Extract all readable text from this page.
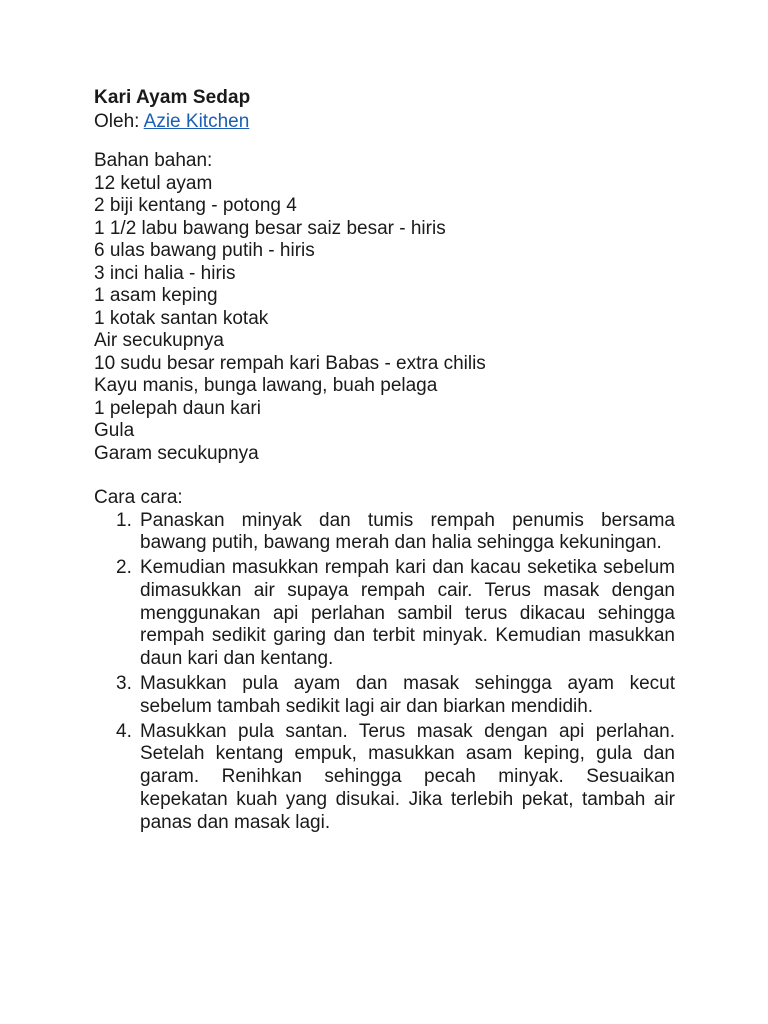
Kari Ayam Sedap

Oleh: Azie Kitchen

Bahan bahan:

12 ketul ayam
2 biji kentang - potong 4
1 1/2 labu bawang besar saiz besar - hiris
6 ulas bawang putih - hiris
3 inci halia - hiris
1 asam keping
1 kotak santan kotak
Air secukupnya
10 sudu besar rempah kari Babas - extra chilis
Kayu manis, bunga lawang, buah pelaga
1 pelepah daun kari
Gula
Garam secukupnya

Cara cara:

1. Panaskan minyak dan tumis rempah penumis bersama bawang putih, bawang merah dan halia sehingga kekuningan.
2. Kemudian masukkan rempah kari dan kacau seketika sebelum dimasukkan air supaya rempah cair. Terus masak dengan menggunakan api perlahan sambil terus dikacau sehingga rempah sedikit garing dan terbit minyak. Kemudian masukkan daun kari dan kentang.
3. Masukkan pula ayam dan masak sehingga ayam kecut sebelum tambah sedikit lagi air dan biarkan mendidih.
4. Masukkan pula santan. Terus masak dengan api perlahan. Setelah kentang empuk, masukkan asam keping, gula dan garam. Renihkan sehingga pecah minyak. Sesuaikan kepekatan kuah yang disukai. Jika terlebih pekat, tambah air panas dan masak lagi.
